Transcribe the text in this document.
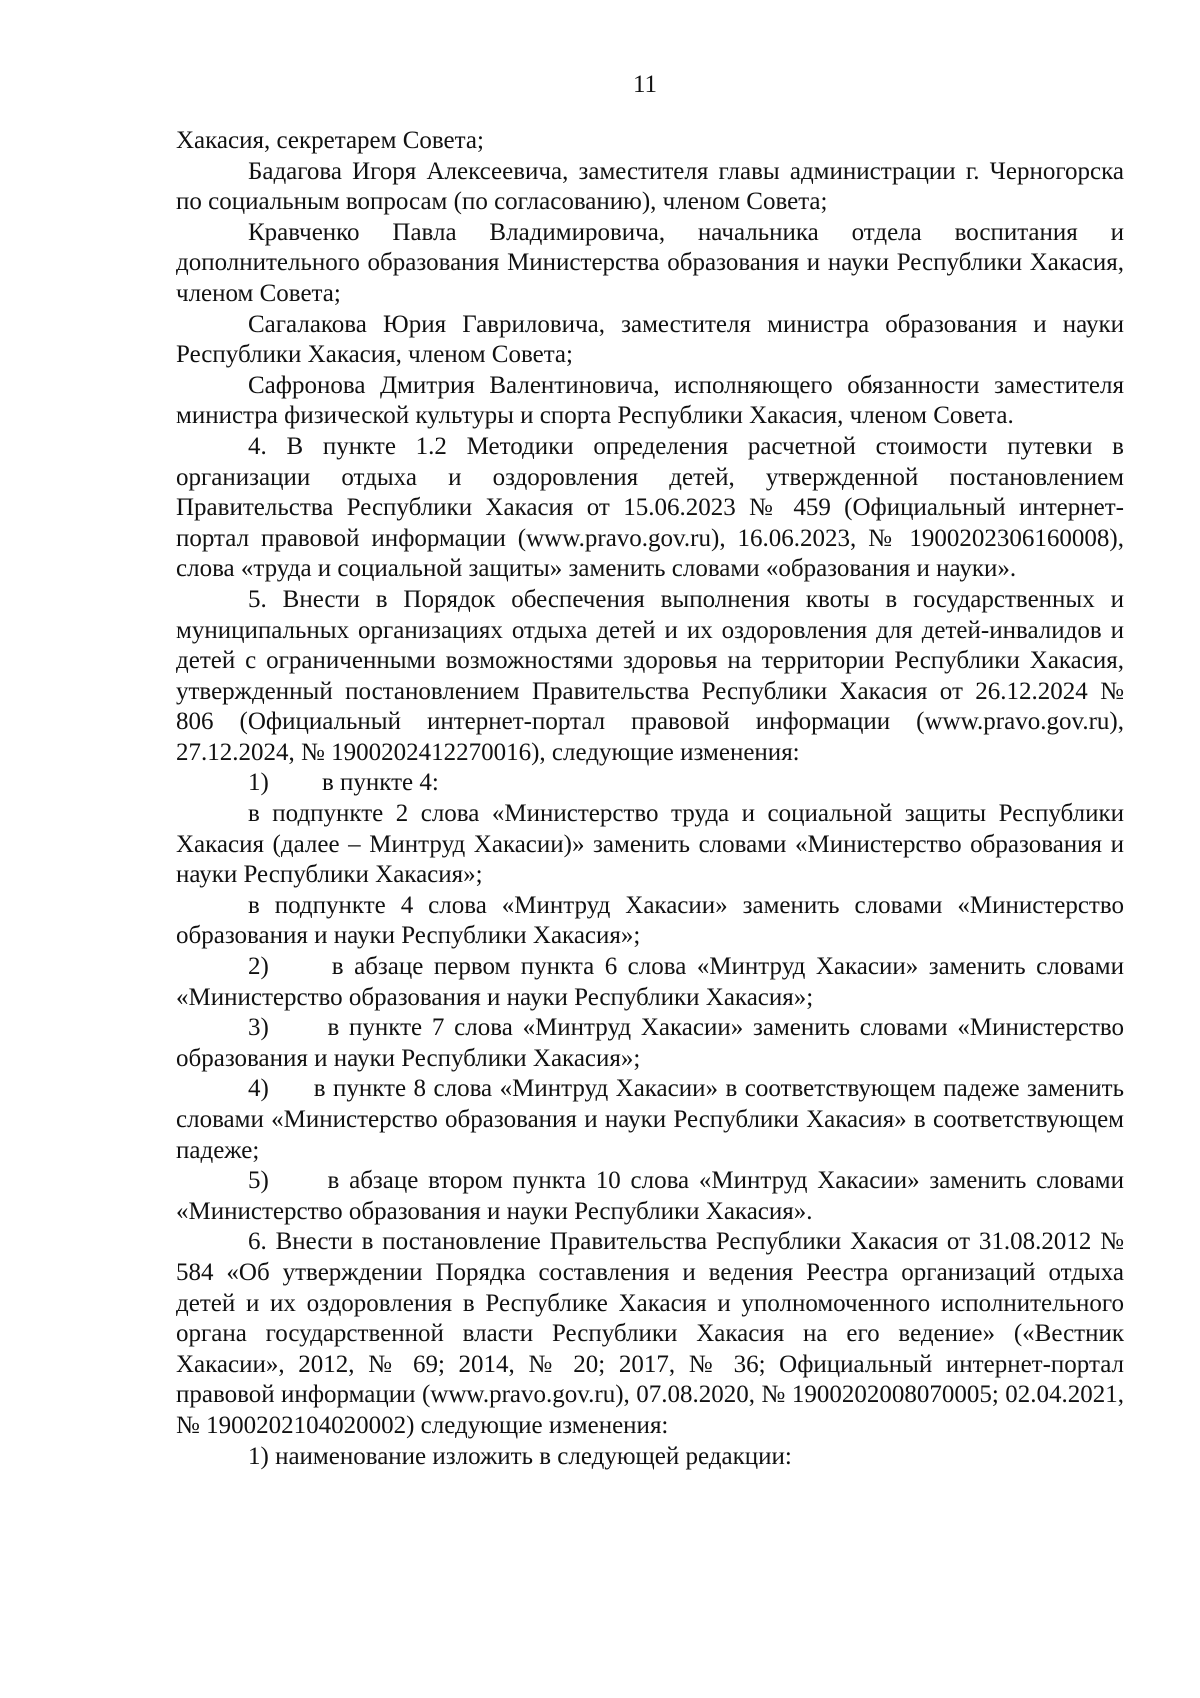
11

Хакасия, секретарем Совета;

Бадагова Игоря Алексеевича, заместителя главы администрации г. Черногорска по социальным вопросам (по согласованию), членом Совета;

Кравченко Павла Владимировича, начальника отдела воспитания и дополнительного образования Министерства образования и науки Республики Хакасия, членом Совета;

Сагалакова Юрия Гавриловича, заместителя министра образования и науки Республики Хакасия, членом Совета;

Сафронова Дмитрия Валентиновича, исполняющего обязанности заместителя министра физической культуры и спорта Республики Хакасия, членом Совета.

4. В пункте 1.2 Методики определения расчетной стоимости путевки в организации отдыха и оздоровления детей, утвержденной постановлением Правительства Республики Хакасия от 15.06.2023 № 459 (Официальный интернет-портал правовой информации (www.pravo.gov.ru), 16.06.2023, № 1900202306160008), слова «труда и социальной защиты» заменить словами «образования и науки».

5. Внести в Порядок обеспечения выполнения квоты в государственных и муниципальных организациях отдыха детей и их оздоровления для детей-инвалидов и детей с ограниченными возможностями здоровья на территории Республики Хакасия, утвержденный постановлением Правительства Республики Хакасия от 26.12.2024 № 806 (Официальный интернет-портал правовой информации (www.pravo.gov.ru), 27.12.2024, № 1900202412270016), следующие изменения:

1)	в пункте 4:

в подпункте 2 слова «Министерство труда и социальной защиты Республики Хакасия (далее – Минтруд Хакасии)» заменить словами «Министерство образования и науки Республики Хакасия»;

в подпункте 4 слова «Минтруд Хакасии» заменить словами «Министерство образования и науки Республики Хакасия»;

2)	в абзаце первом пункта 6 слова «Минтруд Хакасии» заменить словами «Министерство образования и науки Республики Хакасия»;

3) в пункте 7 слова «Минтруд Хакасии» заменить словами «Министерство образования и науки Республики Хакасия»;

4) в пункте 8 слова «Минтруд Хакасии» в соответствующем падеже заменить словами «Министерство образования и науки Республики Хакасия» в соответствующем падеже;

5) в абзаце втором пункта 10 слова «Минтруд Хакасии» заменить словами «Министерство образования и науки Республики Хакасия».

6. Внести в постановление Правительства Республики Хакасия от 31.08.2012 № 584 «Об утверждении Порядка составления и ведения Реестра организаций отдыха детей и их оздоровления в Республике Хакасия и уполномоченного исполнительного органа государственной власти Республики Хакасия на его ведение» («Вестник Хакасии», 2012, № 69; 2014, № 20; 2017, № 36; Официальный интернет-портал правовой информации (www.pravo.gov.ru), 07.08.2020, № 1900202008070005; 02.04.2021, № 1900202104020002) следующие изменения:

1) наименование изложить в следующей редакции:
